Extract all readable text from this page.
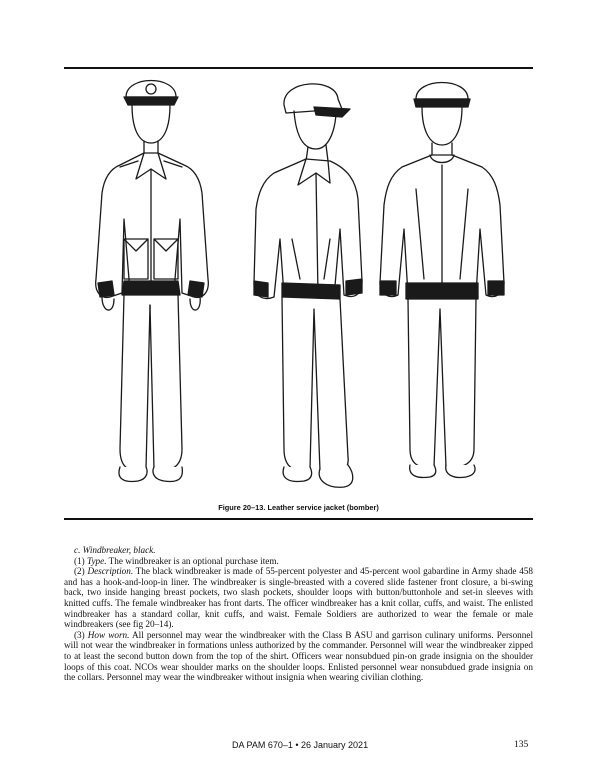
Figure 20–13. Leather service jacket (bomber)

c. Windbreaker, black.

(1) Type. The windbreaker is an optional purchase item.

(2) Description. The black windbreaker is made of 55-percent polyester and 45-percent wool gabardine in Army shade 458 and has a hook-and-loop-in liner. The windbreaker is single-breasted with a covered slide fastener front closure, a bi-swing back, two inside hanging breast pockets, two slash pockets, shoulder loops with button/buttonhole and set-in sleeves with knitted cuffs. The female windbreaker has front darts. The officer windbreaker has a knit collar, cuffs, and waist. The enlisted windbreaker has a standard collar, knit cuffs, and waist. Female Soldiers are authorized to wear the female or male windbreakers (see fig 20–14).

(3) How worn. All personnel may wear the windbreaker with the Class B ASU and garrison culinary uniforms. Personnel will not wear the windbreaker in formations unless authorized by the commander. Personnel will wear the windbreaker zipped to at least the second button down from the top of the shirt. Officers wear nonsubdued pin-on grade insignia on the shoulder loops of this coat. NCOs wear shoulder marks on the shoulder loops. Enlisted personnel wear nonsubdued grade insignia on the collars. Personnel may wear the windbreaker without insignia when wearing civilian clothing.

DA PAM 670–1 • 26 January 2021	135
